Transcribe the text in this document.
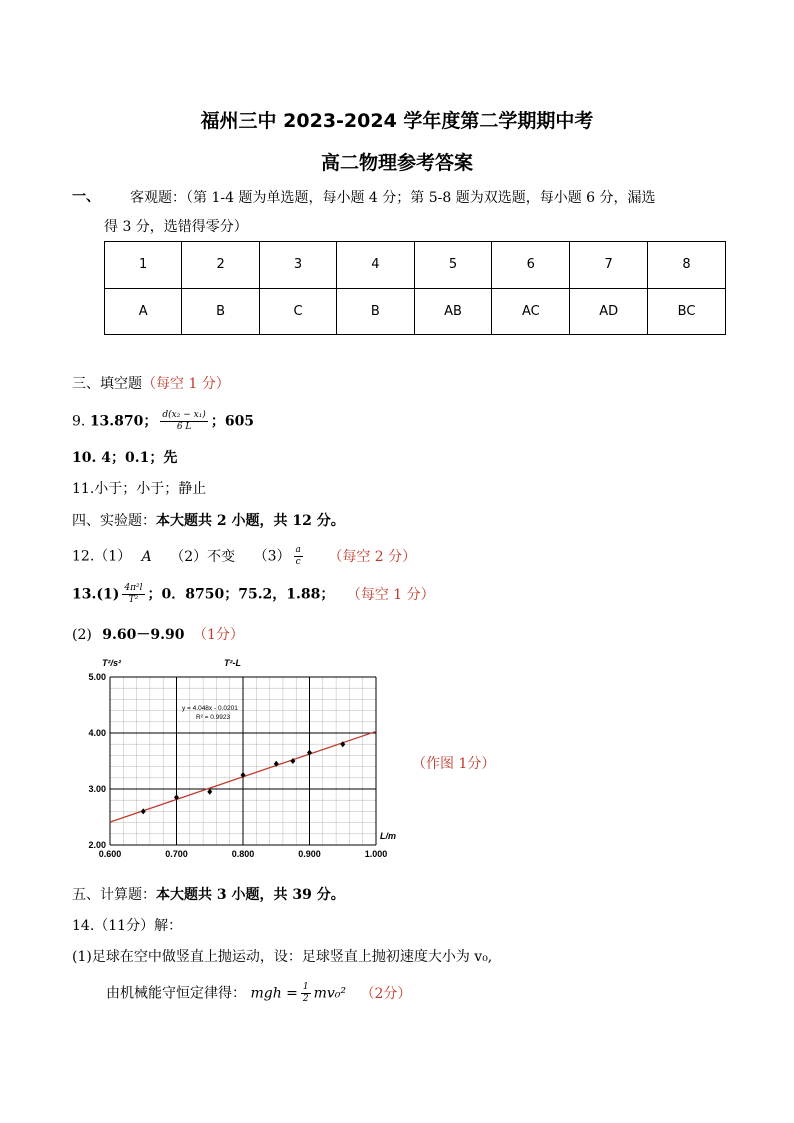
福州三中 2023-2024 学年度第二学期期中考
高二物理参考答案
一、 客观题：（第 1-4 题为单选题，每小题 4 分；第 5-8 题为双选题，每小题 6 分，漏选
得 3 分，选错得零分）
1	2	3	4	5	6	7	8
A	B	C	B	AB	AC	AD	BC
三、填空题（每空 1 分）
9. 13.870； $\frac{\text{d(x₂ − x₁)}}{6 L}$ ；605
10. 4；0.1；先
11.小于；小于；静止
四、实验题：本大题共 2 小题，共 12 分。
12.（1） A （2）不变 $(3) \frac{a}{c}$ （每空 2 分）
$13.(1) \frac{\text{4π²l}}{\text{T²}}$ ；0．8750；75.2，1.88； （每空 1 分）
(2) 9.60－9.90 （1分）
0.600	0.700	0.800	0.900	1.000
2.00
3.00
4.00
5.00
T²/s²
L/m
T²-L
y = 4.048x - 0.0201
R² = 0.9923
（作图 1分）
五、计算题：本大题共 3 小题，共 39 分。
14.（11分）解：
(1)足球在空中做竖直上抛运动，设：足球竖直上抛初速度大小为 v₀,
由机械能守恒定律得： mgh = $\frac{1}{2} mv_0^2$ （2分）
